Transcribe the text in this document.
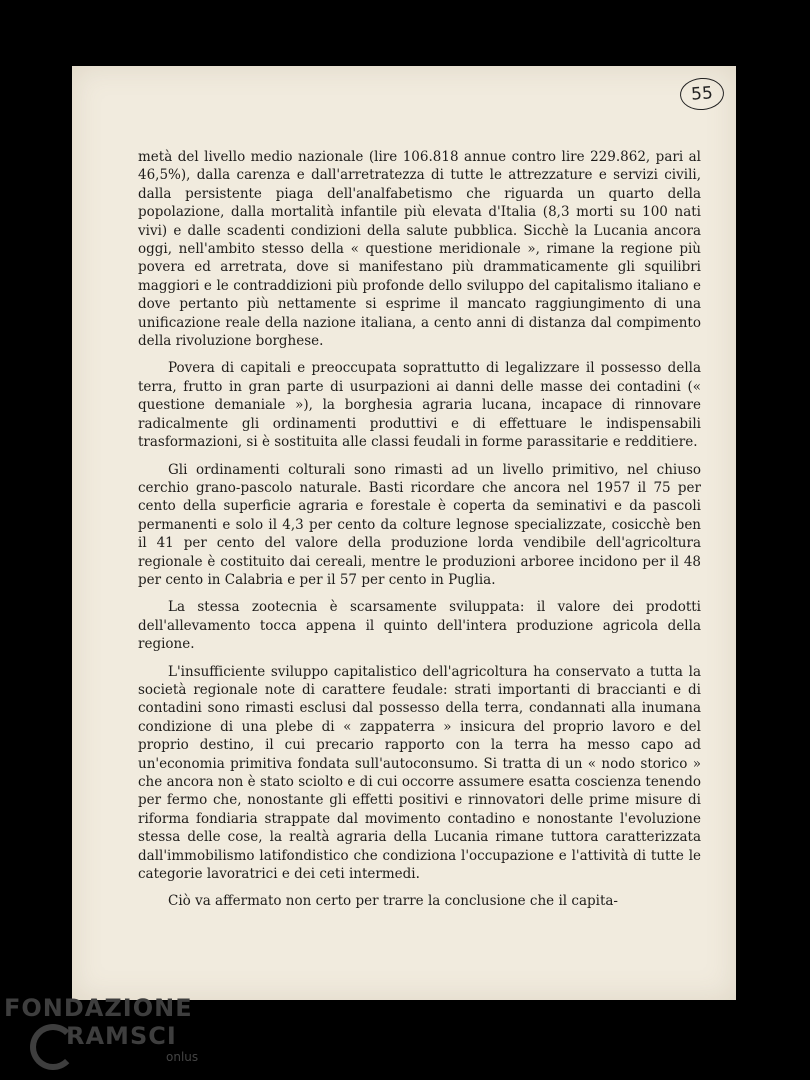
55

metà del livello medio nazionale (lire 106.818 annue contro lire 229.862, pari al 46,5%), dalla carenza e dall'arretratezza di tutte le attrezzature e servizi civili, dalla persistente piaga dell'analfabetismo che riguarda un quarto della popolazione, dalla mortalità infantile più elevata d'Italia (8,3 morti su 100 nati vivi) e dalle scadenti condizioni della salute pubblica. Sicchè la Lucania ancora oggi, nell'ambito stesso della « questione meridionale », rimane la regione più povera ed arretrata, dove si manifestano più drammaticamente gli squilibri maggiori e le contraddizioni più profonde dello sviluppo del capitalismo italiano e dove pertanto più nettamente si esprime il mancato raggiungimento di una unificazione reale della nazione italiana, a cento anni di distanza dal compimento della rivoluzione borghese.

Povera di capitali e preoccupata soprattutto di legalizzare il possesso della terra, frutto in gran parte di usurpazioni ai danni delle masse dei contadini (« questione demaniale »), la borghesia agraria lucana, incapace di rinnovare radicalmente gli ordinamenti produttivi e di effettuare le indispensabili trasformazioni, si è sostituita alle classi feudali in forme parassitarie e redditiere.

Gli ordinamenti colturali sono rimasti ad un livello primitivo, nel chiuso cerchio grano-pascolo naturale. Basti ricordare che ancora nel 1957 il 75 per cento della superficie agraria e forestale è coperta da seminativi e da pascoli permanenti e solo il 4,3 per cento da colture legnose specializzate, cosicchè ben il 41 per cento del valore della produzione lorda vendibile dell'agricoltura regionale è costituito dai cereali, mentre le produzioni arboree incidono per il 48 per cento in Calabria e per il 57 per cento in Puglia.

La stessa zootecnia è scarsamente sviluppata: il valore dei prodotti dell'allevamento tocca appena il quinto dell'intera produzione agricola della regione.

L'insufficiente sviluppo capitalistico dell'agricoltura ha conservato a tutta la società regionale note di carattere feudale: strati importanti di braccianti e di contadini sono rimasti esclusi dal possesso della terra, condannati alla inumana condizione di una plebe di « zappaterra » insicura del proprio lavoro e del proprio destino, il cui precario rapporto con la terra ha messo capo ad un'economia primitiva fondata sull'autoconsumo. Si tratta di un « nodo storico » che ancora non è stato sciolto e di cui occorre assumere esatta coscienza tenendo per fermo che, nonostante gli effetti positivi e rinnovatori delle prime misure di riforma fondiaria strappate dal movimento contadino e nonostante l'evoluzione stessa delle cose, la realtà agraria della Lucania rimane tuttora caratterizzata dall'immobilismo latifondistico che condiziona l'occupazione e l'attività di tutte le categorie lavoratrici e dei ceti intermedi.

Ciò va affermato non certo per trarre la conclusione che il capita-

FONDAZIONE
RAMSCI
onlus
